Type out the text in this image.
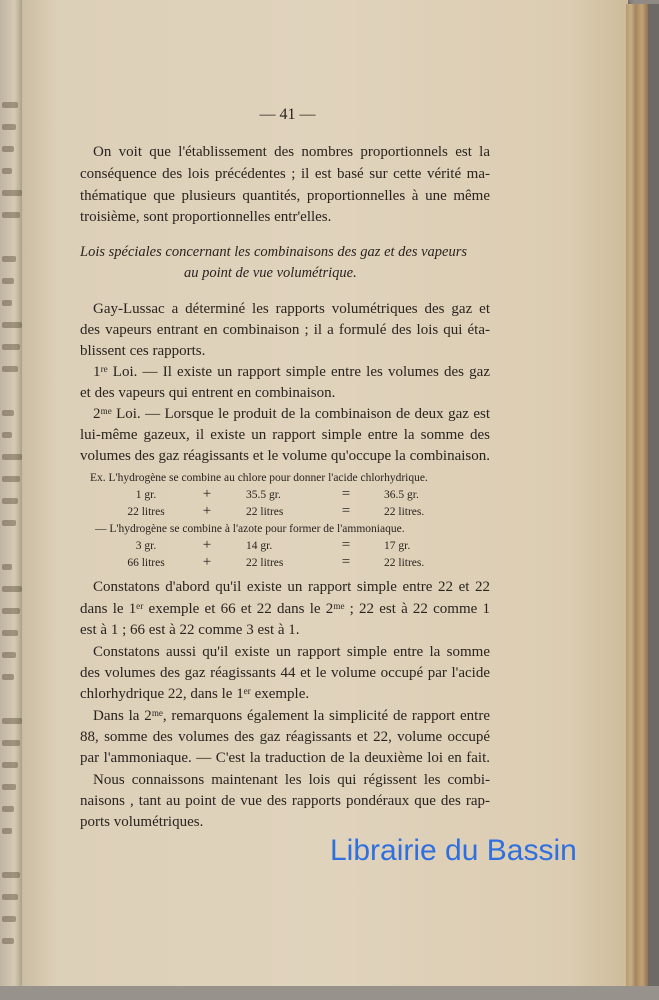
— 41 —
On voit que l'établissement des nombres proportionnels est la
conséquence des lois précédentes ; il est basé sur cette vérité ma-
thématique que plusieurs quantités, proportionnelles à une même
troisième, sont proportionnelles entr'elles.
Gay-Lussac a déterminé les rapports volumétriques des gaz et
des vapeurs entrant en combinaison ; il a formulé des lois qui éta-
blissent ces rapports.
1ʳᵉ Loi. — Il existe un rapport simple entre les volumes des gaz
et des vapeurs qui entrent en combinaison.
2ᵐᵉ Loi. — Lorsque le produit de la combinaison de deux gaz est
lui-même gazeux, il existe un rapport simple entre la somme des
volumes des gaz réagissants et le volume qu'occupe la combinaison.
Constatons d'abord qu'il existe un rapport simple entre 22 et 22
dans le 1ᵉʳ exemple et 66 et 22 dans le 2ᵐᵉ ; 22 est à 22 comme 1
est à 1 ; 66 est à 22 comme 3 est à 1.
Constatons aussi qu'il existe un rapport simple entre la somme
des volumes des gaz réagissants 44 et le volume occupé par l'acide
chlorhydrique 22, dans le 1ᵉʳ exemple.
Dans la 2ᵐᵉ, remarquons également la simplicité de rapport entre
88, somme des volumes des gaz réagissants et 22, volume occupé
par l'ammoniaque. — C'est la traduction de la deuxième loi en fait.
Nous connaissons maintenant les lois qui régissent les combi-
naisons , tant au point de vue des rapports pondéraux que des rap-
ports volumétriques.
Lois spéciales concernant les combinaisons des gaz et des vapeurs
au point de vue volumétrique.
Ex. L'hydrogène se combine au chlore pour donner l'acide chlorhydrique.
— L'hydrogène se combine à l'azote pour former de l'ammoniaque.
1 gr.	+	35.5 gr.	=	36.5 gr.
22 litres	+	22 litres	=	22 litres.
3 gr.	+	14 gr.	=	17 gr.
66 litres	+	22 litres	=	22 litres.
Librairie du Bassin
